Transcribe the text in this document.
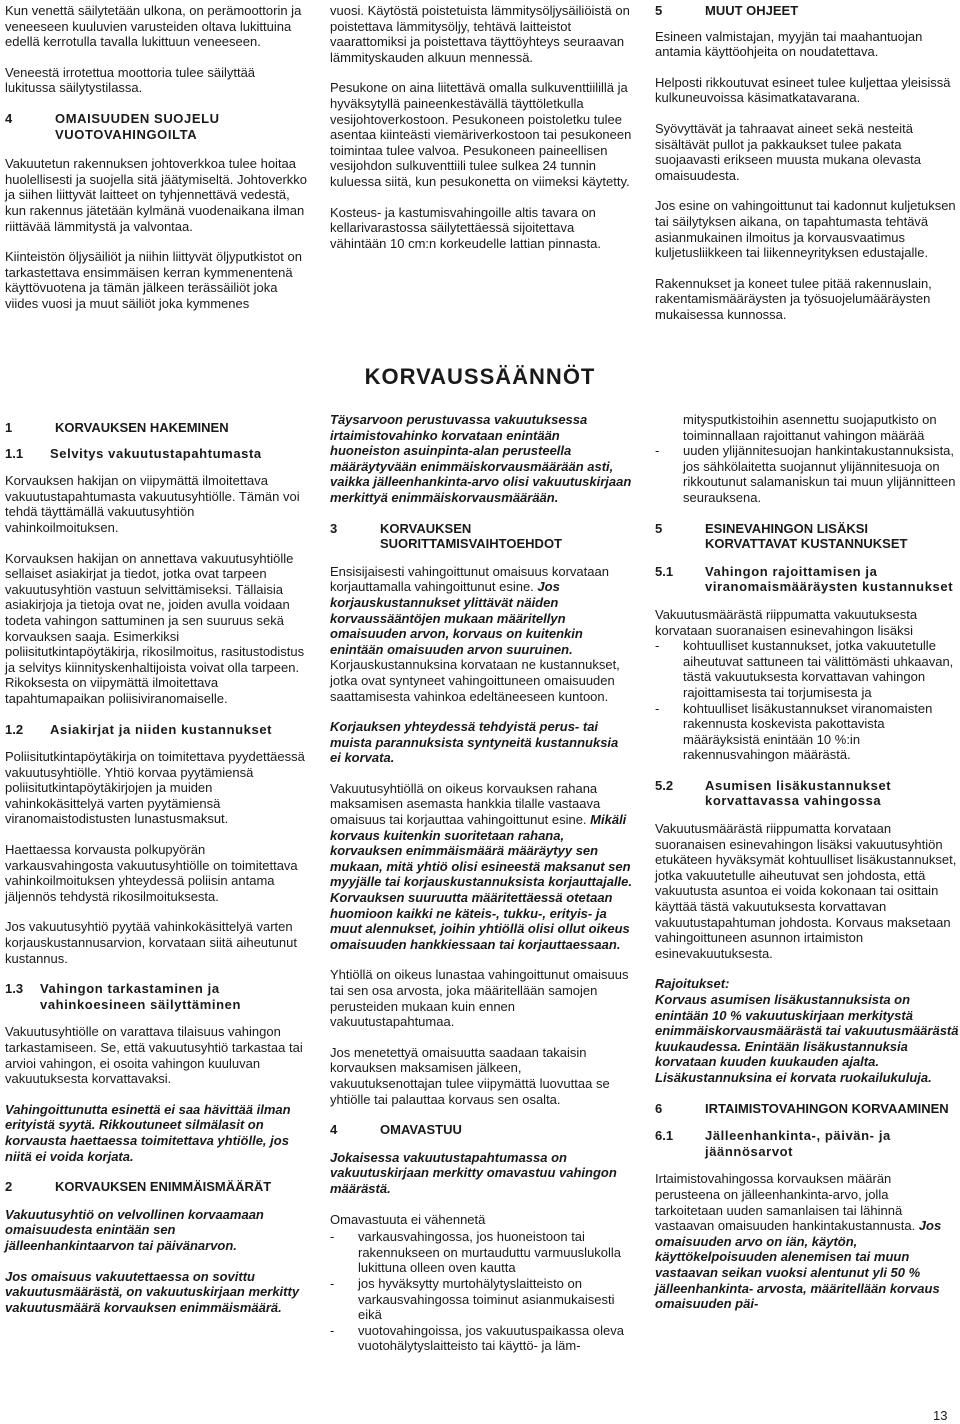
Kun venettä säilytetään ulkona, on perämoottorin ja veneeseen kuuluvien varusteiden oltava lukittuina edellä kerrotulla tavalla lukittuun veneeseen.

Veneestä irrotettua moottoria tulee säilyttää lukitussa säilytystilassa.

4	OMAISUUDEN SUOJELU VUOTOVAHINGOILTA

Vakuutetun rakennuksen johtoverkkoa tulee hoitaa huolellisesti ja suojella sitä jäätymiseltä. Johtoverkko ja siihen liittyvät laitteet on tyhjennettävä vedestä, kun rakennus jätetään kylmänä vuodenaikana ilman riittävää lämmitystä ja valvontaa.

Kiinteistön öljysäiliöt ja niihin liittyvät öljyputkistot on tarkastettava ensimmäisen kerran kymmenentenä käyttövuotena ja tämän jälkeen terässäiliöt joka viides vuosi ja muut säiliöt joka kymmenes

vuosi. Käytöstä poistetuista lämmitysöljysäiliöistä on poistettava lämmitysöljy, tehtävä laitteistot vaarattomiksi ja poistettava täyttöyhteys seuraavan lämmityskauden alkuun mennessä.

Pesukone on aina liitettävä omalla sulkuventtiilillä ja hyväksytyllä paineenkestävällä täyttöletkulla vesijohtoverkostoon. Pesukoneen poistoletku tulee asentaa kiinteästi viemäriverkostoon tai pesukoneen toimintaa tulee valvoa. Pesukoneen paineellisen vesijohdon sulkuventtiili tulee sulkea 24 tunnin kuluessa siitä, kun pesukonetta on viimeksi käytetty.

Kosteus- ja kastumisvahingoille altis tavara on kellarivarastossa säilytettäessä sijoitettava vähintään 10 cm:n korkeudelle lattian pinnasta.

5	MUUT OHJEET

Esineen valmistajan, myyjän tai maahantuojan antamia käyttöohjeita on noudatettava.

Helposti rikkoutuvat esineet tulee kuljettaa yleisissä kulkuneuvoissa käsimatkatavarana.

Syövyttävät ja tahraavat aineet sekä nesteitä sisältävät pullot ja pakkaukset tulee pakata suojaavasti erikseen muusta mukana olevasta omaisuudesta.

Jos esine on vahingoittunut tai kadonnut kuljetuksen tai säilytyksen aikana, on tapahtumasta tehtävä asianmukainen ilmoitus ja korvausvaatimus kuljetusliikkeen tai liikenneyrityksen edustajalle.

Rakennukset ja koneet tulee pitää rakennuslain, rakentamismääräysten ja työsuojelumääräysten mukaisessa kunnossa.

KORVAUSSÄÄNNÖT
1	KORVAUKSEN HAKEMINEN
1.1	Selvitys vakuutustapahtumasta

Korvauksen hakijan on viipymättä ilmoitettava vakuutustapahtumasta vakuutusyhtiölle. Tämän voi tehdä täyttämällä vakuutusyhtiön vahinkoilmoituksen.

Korvauksen hakijan on annettava vakuutusyhtiölle sellaiset asiakirjat ja tiedot, jotka ovat tarpeen vakuutusyhtiön vastuun selvittämiseksi. Tällaisia asiakirjoja ja tietoja ovat ne, joiden avulla voidaan todeta vahingon sattuminen ja sen suuruus sekä korvauksen saaja. Esimerkiksi poliisitutkintapöytäkirja, rikosilmoitus, rasitustodistus ja selvitys kiinnityskenhaltijoista voivat olla tarpeen. Rikoksesta on viipymättä ilmoitettava tapahtumapaikan poliisiviranomaiselle.

1.2	Asiakirjat ja niiden kustannukset

Poliisitutkintapöytäkirja on toimitettava pyydettäessä vakuutusyhtiölle. Yhtiö korvaa pyytämiensä poliisitutkintapöytäkirjojen ja muiden vahinkokäsittelyä varten pyytämiensä viranomaistodistusten lunastusmaksut.

Haettaessa korvausta polkupyörän varkausvahingosta vakuutusyhtiölle on toimitettava vahinkoilmoituksen yhteydessä poliisin antama jäljennös tehdystä rikosilmoituksesta.

Jos vakuutusyhtiö pyytää vahinkokäsittelyä varten korjauskustannusarvion, korvataan siitä aiheutunut kustannus.

1.3	Vahingon tarkastaminen ja vahinkoesineen säilyttäminen

Vakuutusyhtiölle on varattava tilaisuus vahingon tarkastamiseen. Se, että vakuutusyhtiö tarkastaa tai arvioi vahingon, ei osoita vahingon kuuluvan vakuutuksesta korvattavaksi.

Vahingoittunutta esinettä ei saa hävittää ilman erityistä syytä. Rikkoutuneet silmälasit on korvausta haettaessa toimitettava yhtiölle, jos niitä ei voida korjata.

2	KORVAUKSEN ENIMMÄISMÄÄRÄT

Vakuutusyhtiö on velvollinen korvaamaan omaisuudesta enintään sen jälleenhankintaarvon tai päivänarvon.

Jos omaisuus vakuutettaessa on sovittu vakuutusmäärästä, on vakuutuskirjaan merkitty vakuutusmäärä korvauksen enimmäismäärä.

Täysarvoon perustuvassa vakuutuksessa irtaimistovahinko korvataan enintään huoneiston asuinpinta-alan perusteella määräytyvään enimmäiskorvausmäärään asti, vaikka jälleenhankinta-arvo olisi vakuutuskirjaan merkittyä enimmäiskorvausmäärään.

3	KORVAUKSEN SUORITTAMISVAIHTOEHDOT

Ensisijaisesti vahingoittunut omaisuus korvataan korjauttamalla vahingoittunut esine. Jos korjauskustannukset ylittävät näiden korvaussääntöjen mukaan määritellyn omaisuuden arvon, korvaus on kuitenkin enintään omaisuuden arvon suuruinen. Korjauskustannuksina korvataan ne kustannukset, jotka ovat syntyneet vahingoittuneen omaisuuden saattamisesta vahinkoa edeltäneeseen kuntoon.

Korjauksen yhteydessä tehdyistä perus- tai muista parannuksista syntyneitä kustannuksia ei korvata.

Vakuutusyhtiöllä on oikeus korvauksen rahana maksamisen asemasta hankkia tilalle vastaava omaisuus tai korjauttaa vahingoittunut esine. Mikäli korvaus kuitenkin suoritetaan rahana, korvauksen enimmäismäärä määräytyy sen mukaan, mitä yhtiö olisi esineestä maksanut sen myyjälle tai korjauskustannuksista korjauttajalle. Korvauksen suuruutta määritettäessä otetaan huomioon kaikki ne käteis-, tukku-, erityis- ja muut alennukset, joihin yhtiöllä olisi ollut oikeus omaisuuden hankkiessaan tai korjauttaessaan.

Yhtiöllä on oikeus lunastaa vahingoittunut omaisuus tai sen osa arvosta, joka määritellään samojen perusteiden mukaan kuin ennen vakuutustapahtumaa.

Jos menetettyä omaisuutta saadaan takaisin korvauksen maksamisen jälkeen, vakuutuksenottajan tulee viipymättä luovuttaa se yhtiölle tai palauttaa korvaus sen osalta.

4	OMAVASTUU

Jokaisessa vakuutustapahtumassa on vakuutuskirjaan merkitty omavastuu vahingon määrästä.

Omavastuuta ei vähennetä

-	varkausvahingossa, jos huoneistoon tai rakennukseen on murtauduttu varmuuslukolla lukittuna olleen oven kautta
-	jos hyväksytty murtohälytyslaitteisto on varkausvahingossa toiminut asianmukaisesti eikä
-	vuotovahingoissa, jos vakuutuspaikassa oleva vuotohälytyslaitteisto tai käyttö- ja läm-
mitysputkistoihin asennettu suojaputkisto on toiminnallaan rajoittanut vahingon määrää
-	uuden ylijännitesuojan hankintakustannuksista, jos sähkölaitetta suojannut ylijännitesuoja on rikkoutunut salamaniskun tai muun ylijännitteen seurauksena.
5	ESINEVAHINGON LISÄKSI KORVATTAVAT KUSTANNUKSET
5.1	Vahingon rajoittamisen ja viranomaismääräysten kustannukset

Vakuutusmäärästä riippumatta vakuutuksesta korvataan suoranaisen esinevahingon lisäksi

-	kohtuulliset kustannukset, jotka vakuutetulle aiheutuvat sattuneen tai välittömästi uhkaavan, tästä vakuutuksesta korvattavan vahingon rajoittamisesta tai torjumisesta ja
-	kohtuulliset lisäkustannukset viranomaisten rakennusta koskevista pakottavista määräyksistä enintään 10 %:in rakennusvahingon määrästä.
5.2	Asumisen lisäkustannukset korvattavassa vahingossa

Vakuutusmäärästä riippumatta korvataan suoranaisen esinevahingon lisäksi vakuutusyhtiön etukäteen hyväksymät kohtuulliset lisäkustannukset, jotka vakuutetulle aiheutuvat sen johdosta, että vakuutusta asuntoa ei voida kokonaan tai osittain käyttää tästä vakuutuksesta korvattavan vakuutustapahtuman johdosta. Korvaus maksetaan vahingoittuneen asunnon irtaimiston esinevakuutuksesta.

Rajoitukset:

Korvaus asumisen lisäkustannuksista on enintään 10 % vakuutuskirjaan merkitystä enimmäiskorvausmäärästä tai vakuutusmäärästä kuukaudessa. Enintään lisäkustannuksia korvataan kuuden kuukauden ajalta. Lisäkustannuksina ei korvata ruokailukuluja.

6	IRTAIMISTOVAHINGON KORVAAMINEN
6.1	Jälleenhankinta-, päivän- ja jäännösarvot

Irtaimistovahingossa korvauksen määrän perusteena on jälleenhankinta-arvo, jolla tarkoitetaan uuden samanlaisen tai lähinnä vastaavan omaisuuden hankintakustannusta. Jos omaisuuden arvo on iän, käytön, käyttökelpoisuuden alenemisen tai muun vastaavan seikan vuoksi alentunut yli 50 % jälleenhankinta- arvosta, määritellään korvaus omaisuuden päi-

13
